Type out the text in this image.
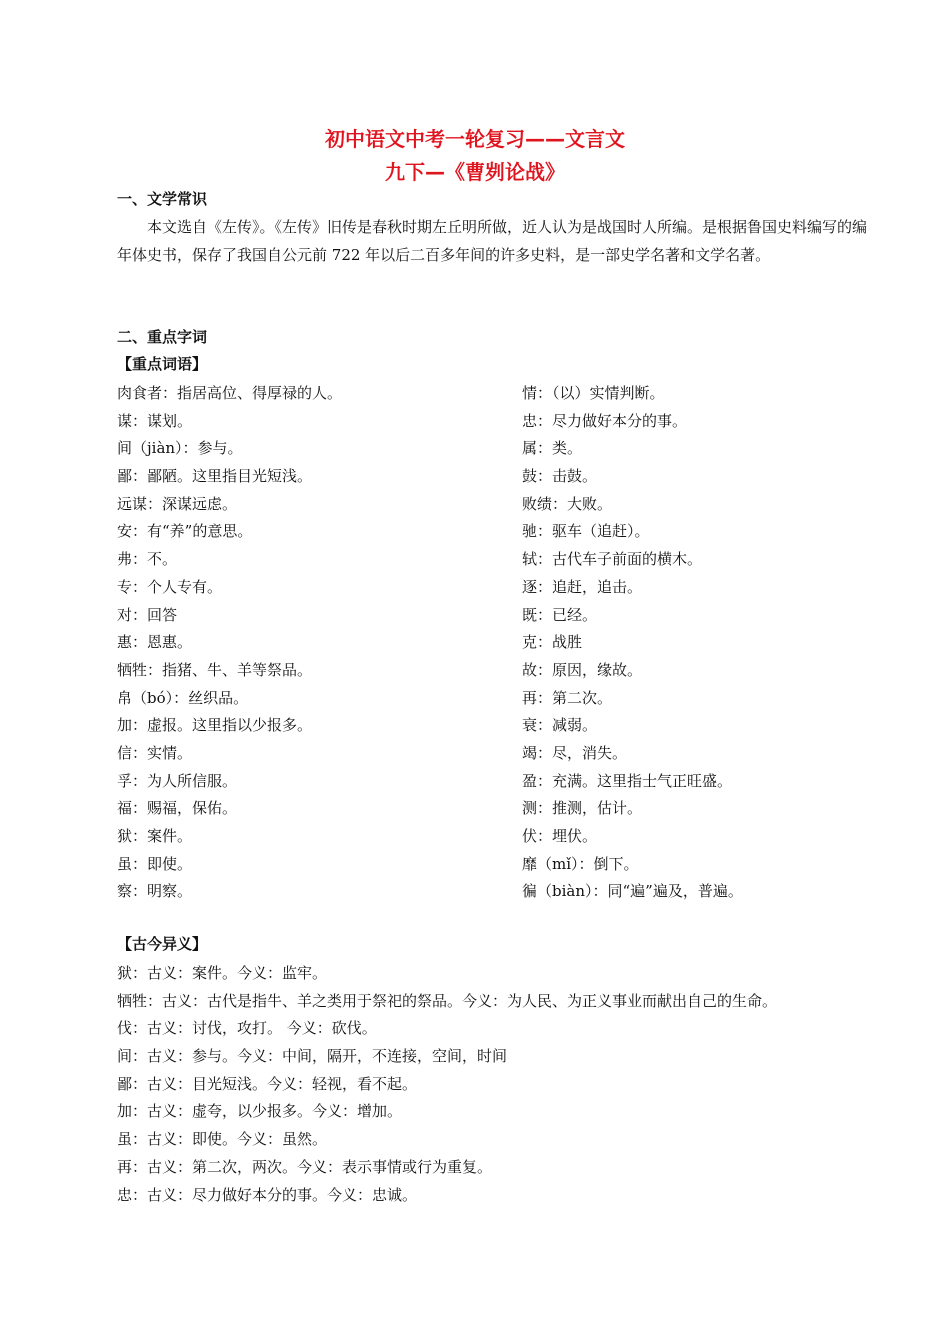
初中语文中考一轮复习——文言文
九下—《曹刿论战》
一、文学常识

本文选自《左传》。《左传》旧传是春秋时期左丘明所做，近人认为是战国时人所编。是根据鲁国史料编写的编年体史书，保存了我国自公元前 722 年以后二百多年间的许多史料，是一部史学名著和文学名著。

二、重点字词
【重点词语】
肉食者：指居高位、得厚禄的人。
谋：谋划。
间（jiàn）：参与。
鄙：鄙陋。这里指目光短浅。
远谋：深谋远虑。
安：有“养”的意思。
弗：不。
专：个人专有。
对：回答
惠：恩惠。
牺牲：指猪、牛、羊等祭品。
帛（bó）：丝织品。
加：虚报。这里指以少报多。
信：实情。
孚：为人所信服。
福：赐福，保佑。
狱：案件。
虽：即使。
察：明察。
情：（以）实情判断。
忠：尽力做好本分的事。
属：类。
鼓：击鼓。
败绩：大败。
驰：驱车（追赶）。
轼：古代车子前面的横木。
逐：追赶，追击。
既：已经。
克：战胜
故：原因，缘故。
再：第二次。
衰：减弱。
竭：尽，消失。
盈：充满。这里指士气正旺盛。
测：推测，估计。
伏：埋伏。
靡（mǐ）：倒下。
徧（biàn）：同“遍”遍及，普遍。
【古今异义】
狱：古义：案件。今义：监牢。
牺牲：古义：古代是指牛、羊之类用于祭祀的祭品。今义：为人民、为正义事业而献出自己的生命。
伐：古义：讨伐，攻打。 今义：砍伐。
间：古义：参与。今义：中间，隔开，不连接，空间，时间
鄙：古义：目光短浅。今义：轻视，看不起。
加：古义：虚夸，以少报多。今义：增加。
虽：古义：即使。今义：虽然。
再：古义：第二次，两次。今义：表示事情或行为重复。
忠：古义：尽力做好本分的事。今义：忠诚。
